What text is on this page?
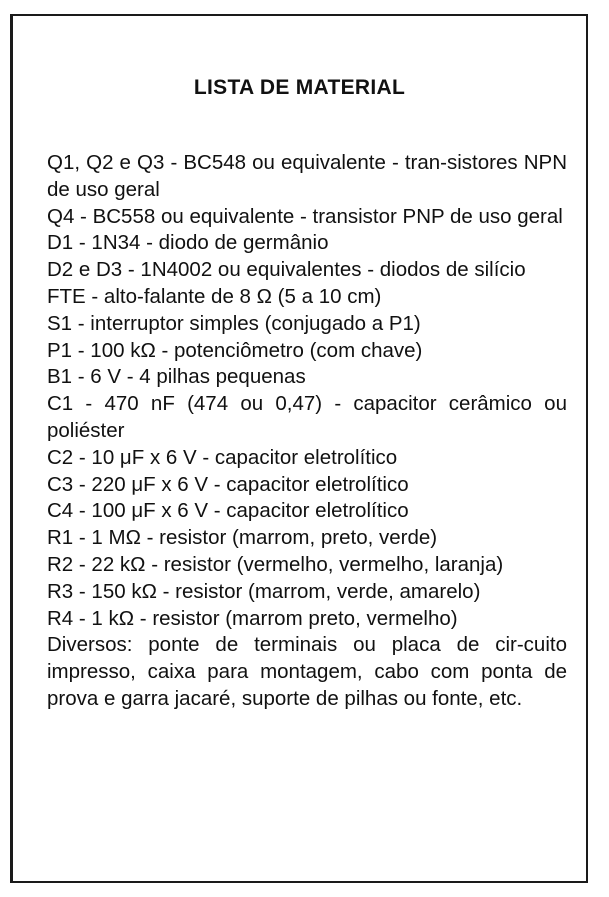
LISTA DE MATERIAL
Q1, Q2 e Q3 - BC548 ou equivalente - tran-sistores NPN de uso geral
Q4 - BC558 ou equivalente - transistor PNP de uso geral
D1 - 1N34 - diodo de germânio
D2 e D3 - 1N4002 ou equivalentes - diodos de silício
FTE - alto-falante de 8 Ω (5 a 10 cm)
S1 - interruptor simples (conjugado a P1)
P1 - 100 kΩ - potenciômetro (com chave)
B1 - 6 V - 4 pilhas pequenas
C1 - 470 nF (474 ou 0,47) - capacitor cerâmico ou poliéster
C2 - 10 μF x 6 V - capacitor eletrolítico
C3 - 220 μF x 6 V - capacitor eletrolítico
C4 - 100 μF x 6 V - capacitor eletrolítico
R1 - 1 MΩ - resistor (marrom, preto, verde)
R2 - 22 kΩ - resistor (vermelho, vermelho, laranja)
R3 - 150 kΩ - resistor (marrom, verde, amarelo)
R4 - 1 kΩ - resistor (marrom preto, vermelho)
Diversos: ponte de terminais ou placa de cir-cuito impresso, caixa para montagem, cabo com ponta de prova e garra jacaré, suporte de pilhas ou fonte, etc.
